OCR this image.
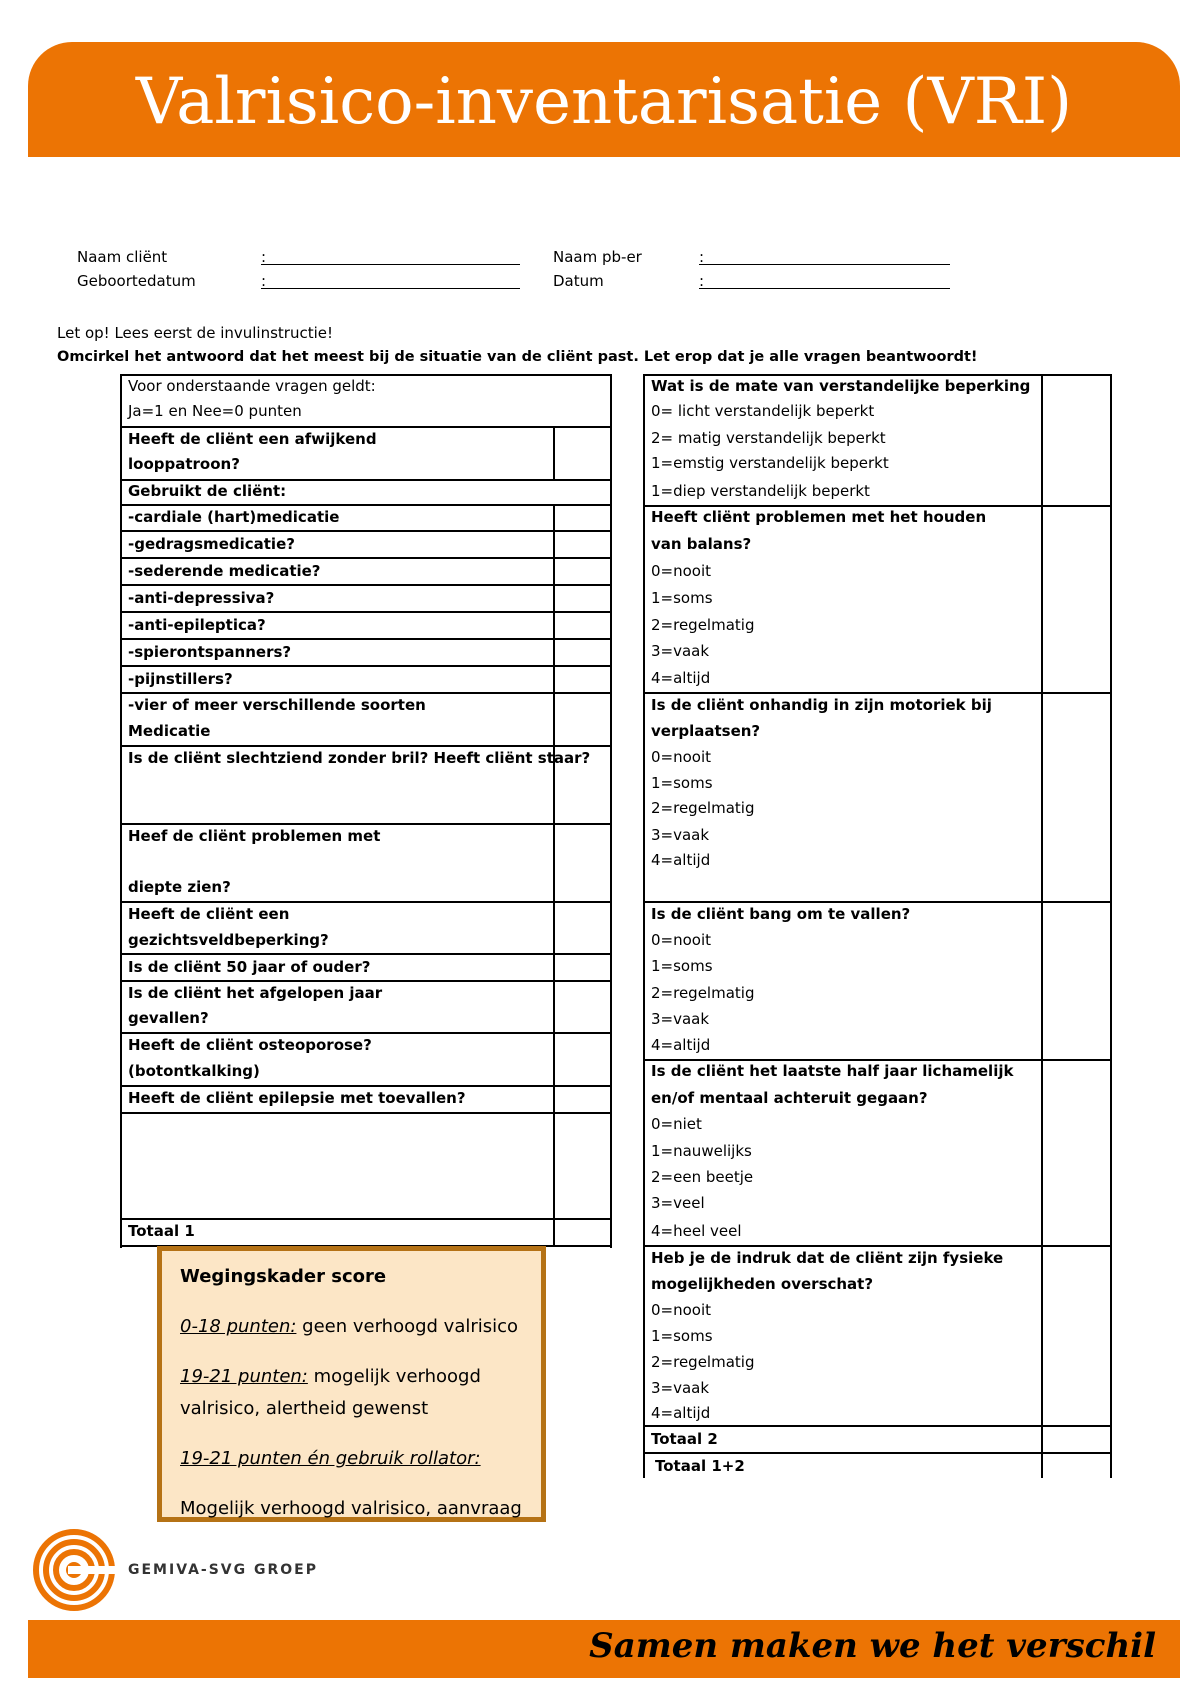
Valrisico-inventarisatie (VRI)
Naam cliënt
Geboortedatum
:
:
Naam pb-er
Datum
:
:
Let op! Lees eerst de invulinstructie!
Omcirkel het antwoord dat het meest bij de situatie van de cliënt past. Let erop dat je alle vragen beantwoordt!
Voor onderstaande vragen geldt:
Ja=1 en Nee=0 punten
Heeft de cliënt een afwijkend
looppatroon?
Gebruikt de cliënt:
-cardiale (hart)medicatie
-gedragsmedicatie?
-sederende medicatie?
-anti-depressiva?
-anti-epileptica?
-spierontspanners?
-pijnstillers?
-vier of meer verschillende soorten
Medicatie
Is de cliënt slechtziend zonder bril? Heeft cliënt staar?
Heef de cliënt problemen met
diepte zien?
Heeft de cliënt een
gezichtsveldbeperking?
Is de cliënt 50 jaar of ouder?
Is de cliënt het afgelopen jaar
gevallen?
Heeft de cliënt osteoporose?
(botontkalking)
Heeft de cliënt epilepsie met toevallen?
Totaal 1
Wat is de mate van verstandelijke beperking
0= licht verstandelijk beperkt
2= matig verstandelijk beperkt
1=emstig verstandelijk beperkt
1=diep verstandelijk beperkt
Heeft cliënt problemen met het houden
van balans?
0=nooit
1=soms
2=regelmatig
3=vaak
4=altijd
Is de cliënt onhandig in zijn motoriek bij
verplaatsen?
0=nooit
1=soms
2=regelmatig
3=vaak
4=altijd
Is de cliënt bang om te vallen?
0=nooit
1=soms
2=regelmatig
3=vaak
4=altijd
Is de cliënt het laatste half jaar lichamelijk
en/of mentaal achteruit gegaan?
0=niet
1=nauwelijks
2=een beetje
3=veel
4=heel veel
Heb je de indruk dat de cliënt zijn fysieke
mogelijkheden overschat?
0=nooit
1=soms
2=regelmatig
3=vaak
4=altijd
Totaal 2
Totaal 1+2

Wegingskader score

0-18 punten: geen verhoogd valrisico

19-21 punten: mogelijk verhoogd valrisico, alertheid gewenst

19-21 punten én gebruik rollator:

Mogelijk verhoogd valrisico, aanvraag

GEMIVA-SVG GROEP
Samen maken we het verschil
